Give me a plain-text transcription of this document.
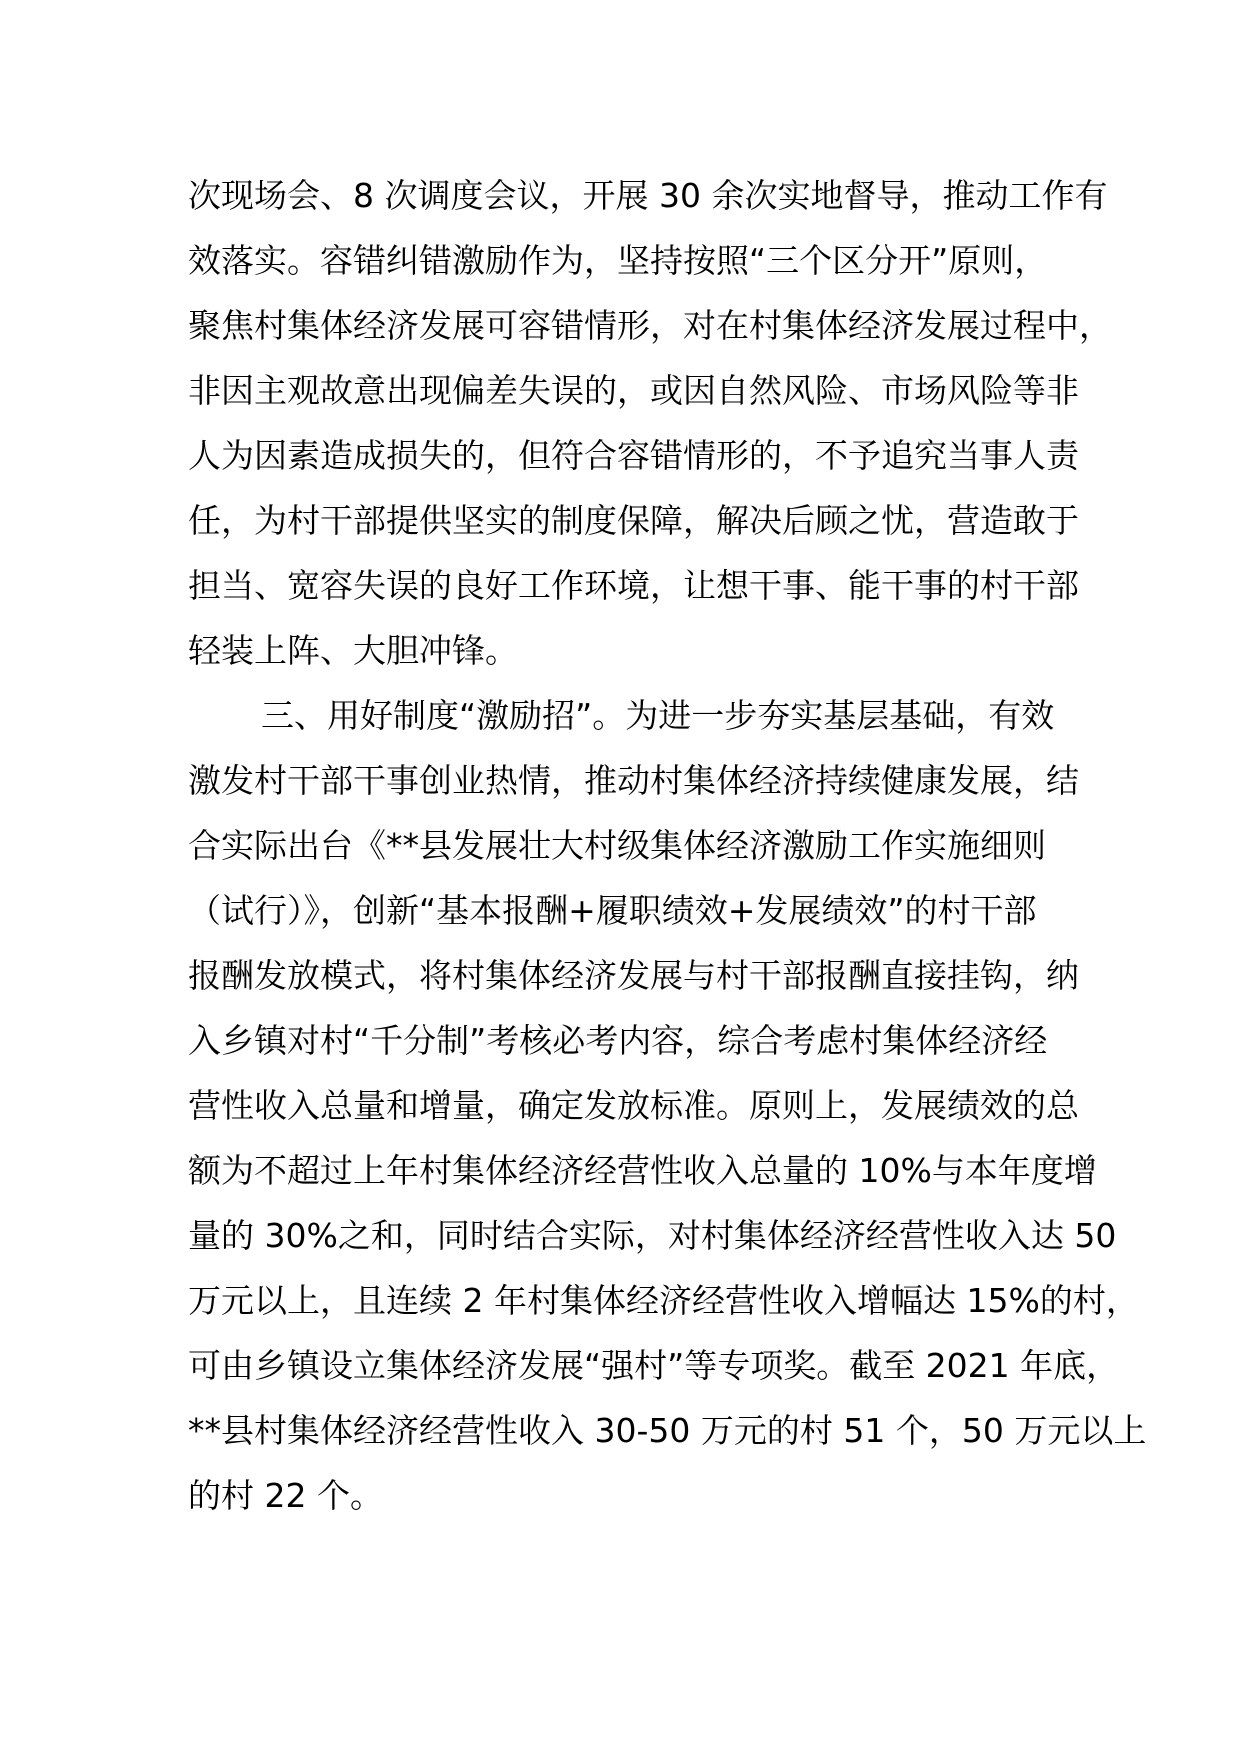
次现场会、8 次调度会议，开展 30 余次实地督导，推动工作有
效落实。容错纠错激励作为，坚持按照“三个区分开”原则，
聚焦村集体经济发展可容错情形，对在村集体经济发展过程中，
非因主观故意出现偏差失误的，或因自然风险、市场风险等非
人为因素造成损失的，但符合容错情形的，不予追究当事人责
任，为村干部提供坚实的制度保障，解决后顾之忧，营造敢于
担当、宽容失误的良好工作环境，让想干事、能干事的村干部
轻装上阵、大胆冲锋。
三、用好制度“激励招”。为进一步夯实基层基础，有效
激发村干部干事创业热情，推动村集体经济持续健康发展，结
合实际出台《**县发展壮大村级集体经济激励工作实施细则
（试行）》，创新“基本报酬+履职绩效+发展绩效”的村干部
报酬发放模式，将村集体经济发展与村干部报酬直接挂钩，纳
入乡镇对村“千分制”考核必考内容，综合考虑村集体经济经
营性收入总量和增量，确定发放标准。原则上，发展绩效的总
额为不超过上年村集体经济经营性收入总量的 10%与本年度增
量的 30%之和，同时结合实际，对村集体经济经营性收入达 50
万元以上，且连续 2 年村集体经济经营性收入增幅达 15%的村，
可由乡镇设立集体经济发展“强村”等专项奖。截至 2021 年底，
**县村集体经济经营性收入 30-50 万元的村 51 个，50 万元以上
的村 22 个。
